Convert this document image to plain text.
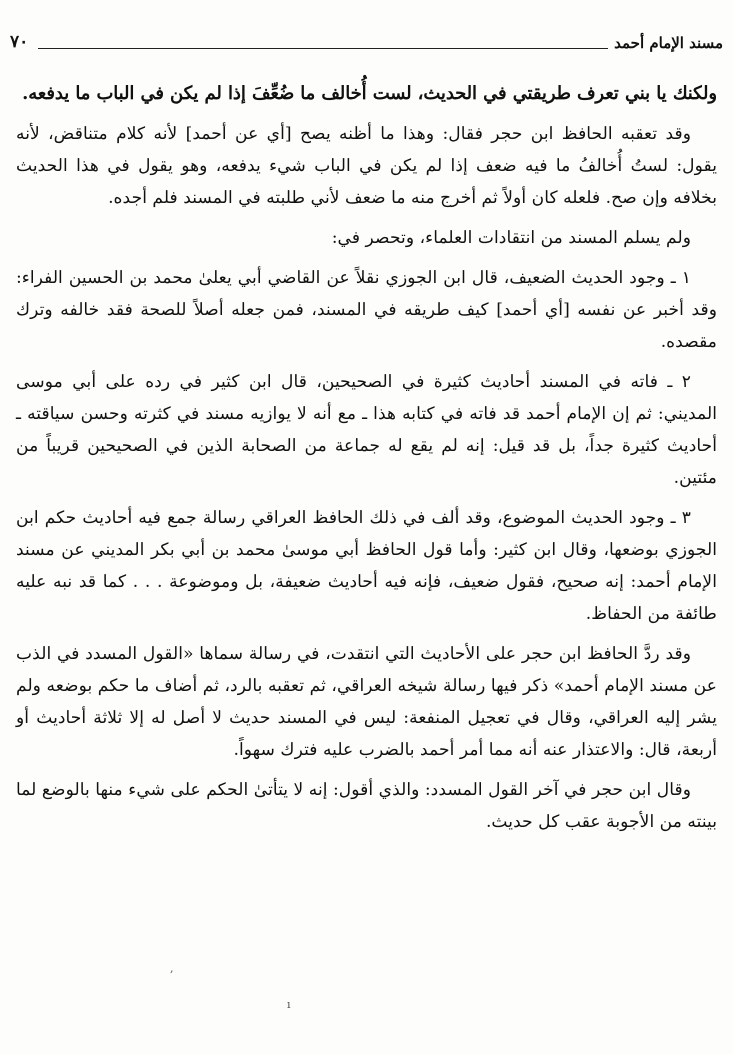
مسند الإمام أحمد
٧٠

ولكنك يا بني تعرف طريقتي في الحديث، لست أُخالف ما ضُعِّفَ إذا لم يكن في الباب ما يدفعه.

وقد تعقبه الحافظ ابن حجر فقال: وهذا ما أظنه يصح [أي عن أحمد] لأنه كلام متناقض، لأنه يقول: لستُ أُخالفُ ما فيه ضعف إذا لم يكن في الباب شيء يدفعه، وهو يقول في هذا الحديث بخلافه وإن صح. فلعله كان أولاً ثم أخرج منه ما ضعف لأني طلبته في المسند فلم أجده.

ولم يسلم المسند من انتقادات العلماء، وتحصر في:

١ ـ وجود الحديث الضعيف، قال ابن الجوزي نقلاً عن القاضي أبي يعلىٰ محمد بن الحسين الفراء: وقد أخبر عن نفسه [أي أحمد] كيف طريقه في المسند، فمن جعله أصلاً للصحة فقد خالفه وترك مقصده.

٢ ـ فاته في المسند أحاديث كثيرة في الصحيحين، قال ابن كثير في رده على أبي موسى المديني: ثم إن الإمام أحمد قد فاته في كتابه هذا ـ مع أنه لا يوازيه مسند في كثرته وحسن سياقته ـ أحاديث كثيرة جداً، بل قد قيل: إنه لم يقع له جماعة من الصحابة الذين في الصحيحين قريباً من مئتين.

٣ ـ وجود الحديث الموضوع، وقد ألف في ذلك الحافظ العراقي رسالة جمع فيه أحاديث حكم ابن الجوزي بوضعها، وقال ابن كثير: وأما قول الحافظ أبي موسىٰ محمد بن أبي بكر المديني عن مسند الإمام أحمد: إنه صحيح، فقول ضعيف، فإنه فيه أحاديث ضعيفة، بل وموضوعة . . . كما قد نبه عليه طائفة من الحفاظ.

وقد ردَّ الحافظ ابن حجر على الأحاديث التي انتقدت، في رسالة سماها «القول المسدد في الذب عن مسند الإمام أحمد» ذكر فيها رسالة شيخه العراقي، ثم تعقبه بالرد، ثم أضاف ما حكم بوضعه ولم يشر إليه العراقي، وقال في تعجيل المنفعة: ليس في المسند حديث لا أصل له إلا ثلاثة أحاديث أو أربعة، قال: والاعتذار عنه أنه مما أمر أحمد بالضرب عليه فترك سهواً.

وقال ابن حجر في آخر القول المسدد: والذي أقول: إنه لا يتأتىٰ الحكم على شيء منها بالوضع لما بينته من الأجوبة عقب كل حديث.

,
ı
